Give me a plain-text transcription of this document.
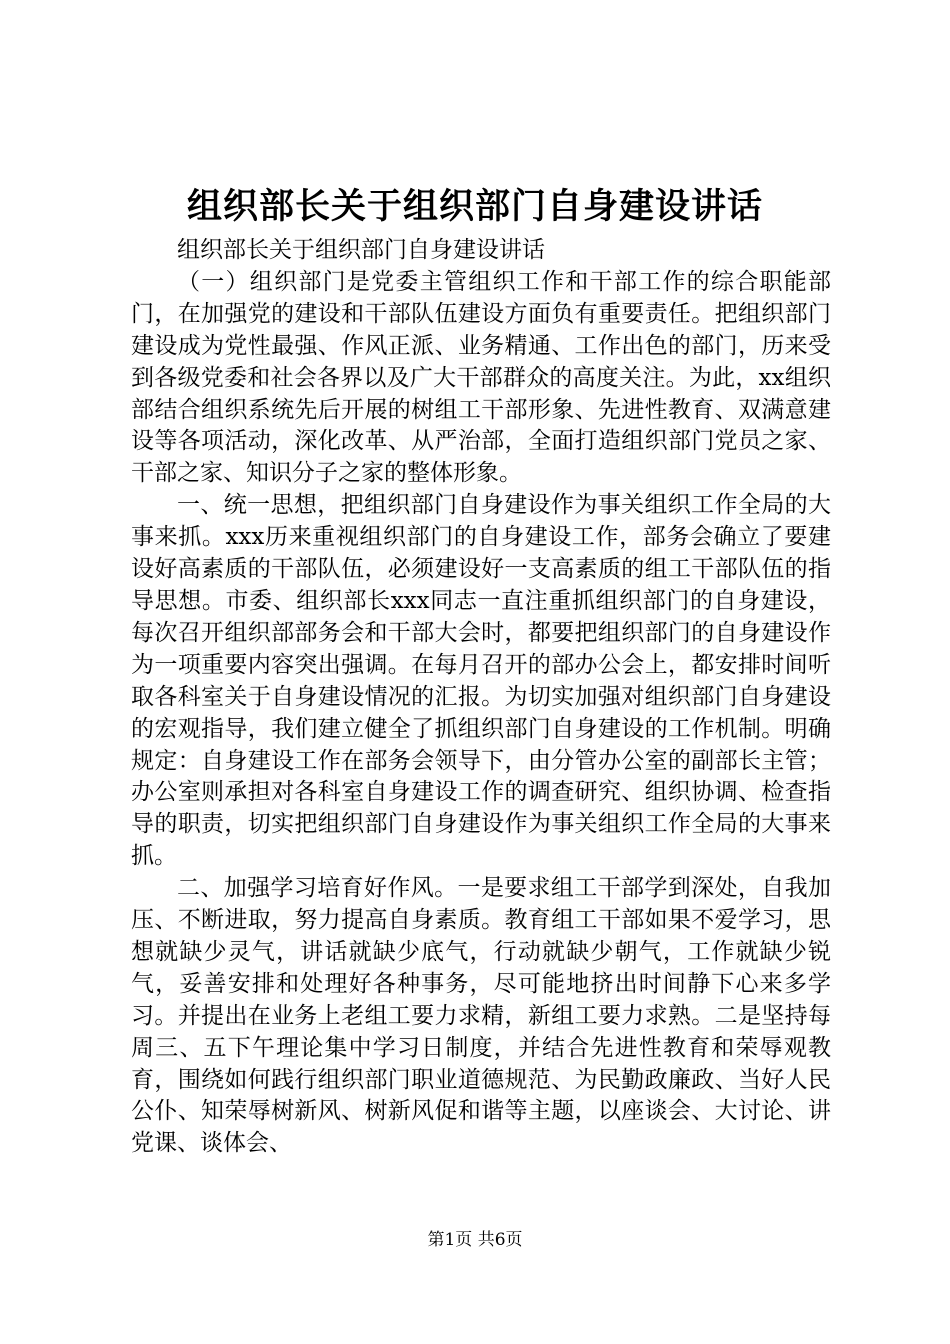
组织部长关于组织部门自身建设讲话

组织部长关于组织部门自身建设讲话

（一）组织部门是党委主管组织工作和干部工作的综合职能部门，在加强党的建设和干部队伍建设方面负有重要责任。把组织部门建设成为党性最强、作风正派、业务精通、工作出色的部门，历来受到各级党委和社会各界以及广大干部群众的高度关注。为此，xx组织部结合组织系统先后开展的树组工干部形象、先进性教育、双满意建设等各项活动，深化改革、从严治部，全面打造组织部门党员之家、干部之家、知识分子之家的整体形象。

一、统一思想，把组织部门自身建设作为事关组织工作全局的大事来抓。xxx历来重视组织部门的自身建设工作，部务会确立了要建设好高素质的干部队伍，必须建设好一支高素质的组工干部队伍的指导思想。市委、组织部长xxx同志一直注重抓组织部门的自身建设，每次召开组织部部务会和干部大会时，都要把组织部门的自身建设作为一项重要内容突出强调。在每月召开的部办公会上，都安排时间听取各科室关于自身建设情况的汇报。为切实加强对组织部门自身建设的宏观指导，我们建立健全了抓组织部门自身建设的工作机制。明确规定：自身建设工作在部务会领导下，由分管办公室的副部长主管；办公室则承担对各科室自身建设工作的调查研究、组织协调、检查指导的职责，切实把组织部门自身建设作为事关组织工作全局的大事来抓。

二、加强学习培育好作风。一是要求组工干部学到深处，自我加压、不断进取，努力提高自身素质。教育组工干部如果不爱学习，思想就缺少灵气，讲话就缺少底气，行动就缺少朝气，工作就缺少锐气，妥善安排和处理好各种事务，尽可能地挤出时间静下心来多学习。并提出在业务上老组工要力求精，新组工要力求熟。二是坚持每周三、五下午理论集中学习日制度，并结合先进性教育和荣辱观教育，围绕如何践行组织部门职业道德规范、为民勤政廉政、当好人民公仆、知荣辱树新风、树新风促和谐等主题，以座谈会、大讨论、讲党课、谈体会、

第1页 共6页
